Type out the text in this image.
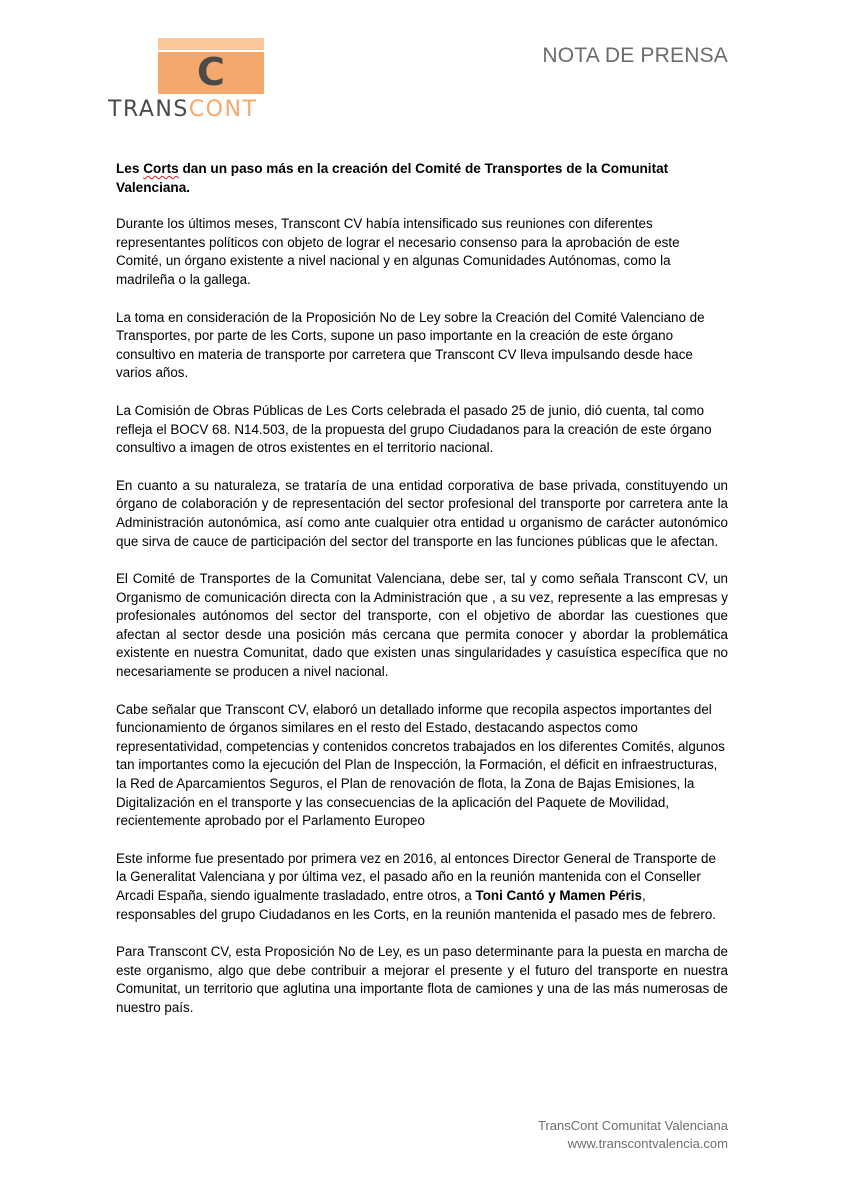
C
TRANSCONT
NOTA DE PRENSA
Les Corts dan un paso más en la creación del Comité de Transportes de la Comunitat Valenciana.

Durante los últimos meses, Transcont CV había intensificado sus reuniones con diferentes representantes políticos con objeto de lograr el necesario consenso para la aprobación de este Comité, un órgano existente a nivel nacional y en algunas Comunidades Autónomas, como la madrileña o la gallega.

La toma en consideración de la Proposición No de Ley sobre la Creación del Comité Valenciano de Transportes, por parte de les Corts, supone un paso importante en la creación de este órgano consultivo en materia de transporte por carretera que Transcont CV lleva impulsando desde hace varios años.

La Comisión de Obras Públicas de Les Corts celebrada el pasado 25 de junio, dió cuenta, tal como refleja el BOCV 68. N14.503, de la propuesta del grupo Ciudadanos para la creación de este órgano consultivo a imagen de otros existentes en el territorio nacional.

En cuanto a su naturaleza, se trataría de una entidad corporativa de base privada, constituyendo un órgano de colaboración y de representación del sector profesional del transporte por carretera ante la Administración autonómica, así como ante cualquier otra entidad u organismo de carácter autonómico que sirva de cauce de participación del sector del transporte en las funciones públicas que le afectan.

El Comité de Transportes de la Comunitat Valenciana, debe ser, tal y como señala Transcont CV, un Organismo de comunicación directa con la Administración que , a su vez, represente a las empresas y profesionales autónomos del sector del transporte, con el objetivo de abordar las cuestiones que afectan al sector desde una posición más cercana que permita conocer y abordar la problemática existente en nuestra Comunitat, dado que existen unas singularidades y casuística específica que no necesariamente se producen a nivel nacional.

Cabe señalar que Transcont CV, elaboró un detallado informe que recopila aspectos importantes del funcionamiento de órganos similares en el resto del Estado, destacando aspectos como representatividad, competencias y contenidos concretos trabajados en los diferentes Comités, algunos tan importantes como la ejecución del Plan de Inspección, la Formación, el déficit en infraestructuras, la Red de Aparcamientos Seguros, el Plan de renovación de flota, la Zona de Bajas Emisiones, la Digitalización en el transporte y las consecuencias de la aplicación del Paquete de Movilidad, recientemente aprobado por el Parlamento Europeo

Este informe fue presentado por primera vez en 2016, al entonces Director General de Transporte de la Generalitat Valenciana y por última vez, el pasado año en la reunión mantenida con el Conseller Arcadi España, siendo igualmente trasladado, entre otros, a Toni Cantó y Mamen Péris, responsables del grupo Ciudadanos en les Corts, en la reunión mantenida el pasado mes de febrero.

Para Transcont CV, esta Proposición No de Ley, es un paso determinante para la puesta en marcha de este organismo, algo que debe contribuir a mejorar el presente y el futuro del transporte en nuestra Comunitat, un territorio que aglutina una importante flota de camiones y una de las más numerosas de nuestro país.

TransCont Comunitat Valenciana
www.transcontvalencia.com
